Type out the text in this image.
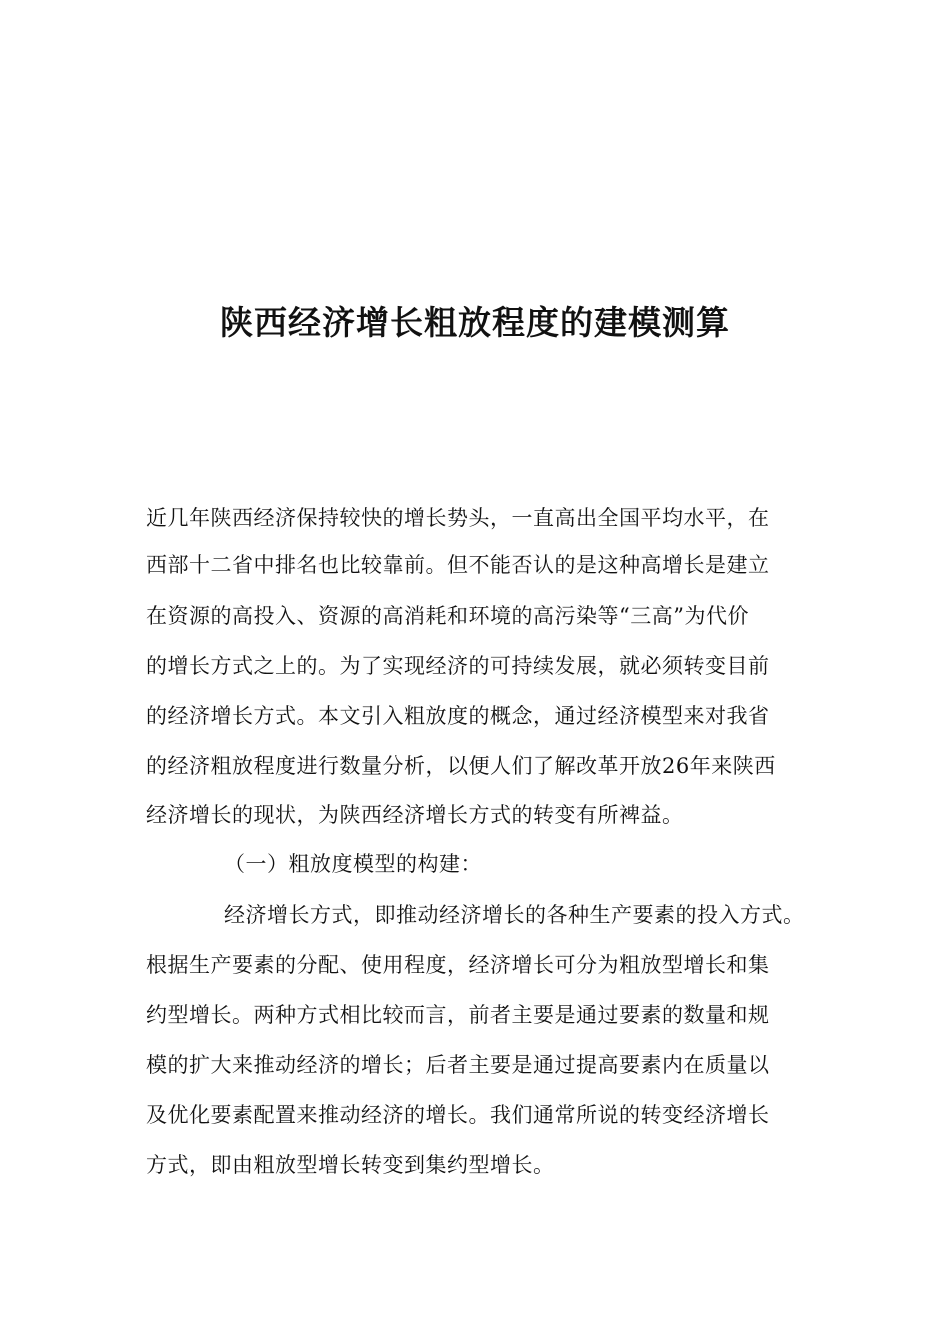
陕西经济增长粗放程度的建模测算

近几年陕西经济保持较快的增长势头，一直高出全国平均水平，在

西部十二省中排名也比较靠前。但不能否认的是这种高增长是建立

在资源的高投入、资源的高消耗和环境的高污染等“三高”为代价

的增长方式之上的。为了实现经济的可持续发展，就必须转变目前

的经济增长方式。本文引入粗放度的概念，通过经济模型来对我省

的经济粗放程度进行数量分析，以便人们了解改革开放26年来陕西

经济增长的现状，为陕西经济增长方式的转变有所裨益。

（一）粗放度模型的构建：

经济增长方式，即推动经济增长的各种生产要素的投入方式。

根据生产要素的分配、使用程度，经济增长可分为粗放型增长和集

约型增长。两种方式相比较而言，前者主要是通过要素的数量和规

模的扩大来推动经济的增长；后者主要是通过提高要素内在质量以

及优化要素配置来推动经济的增长。我们通常所说的转变经济增长

方式，即由粗放型增长转变到集约型增长。
